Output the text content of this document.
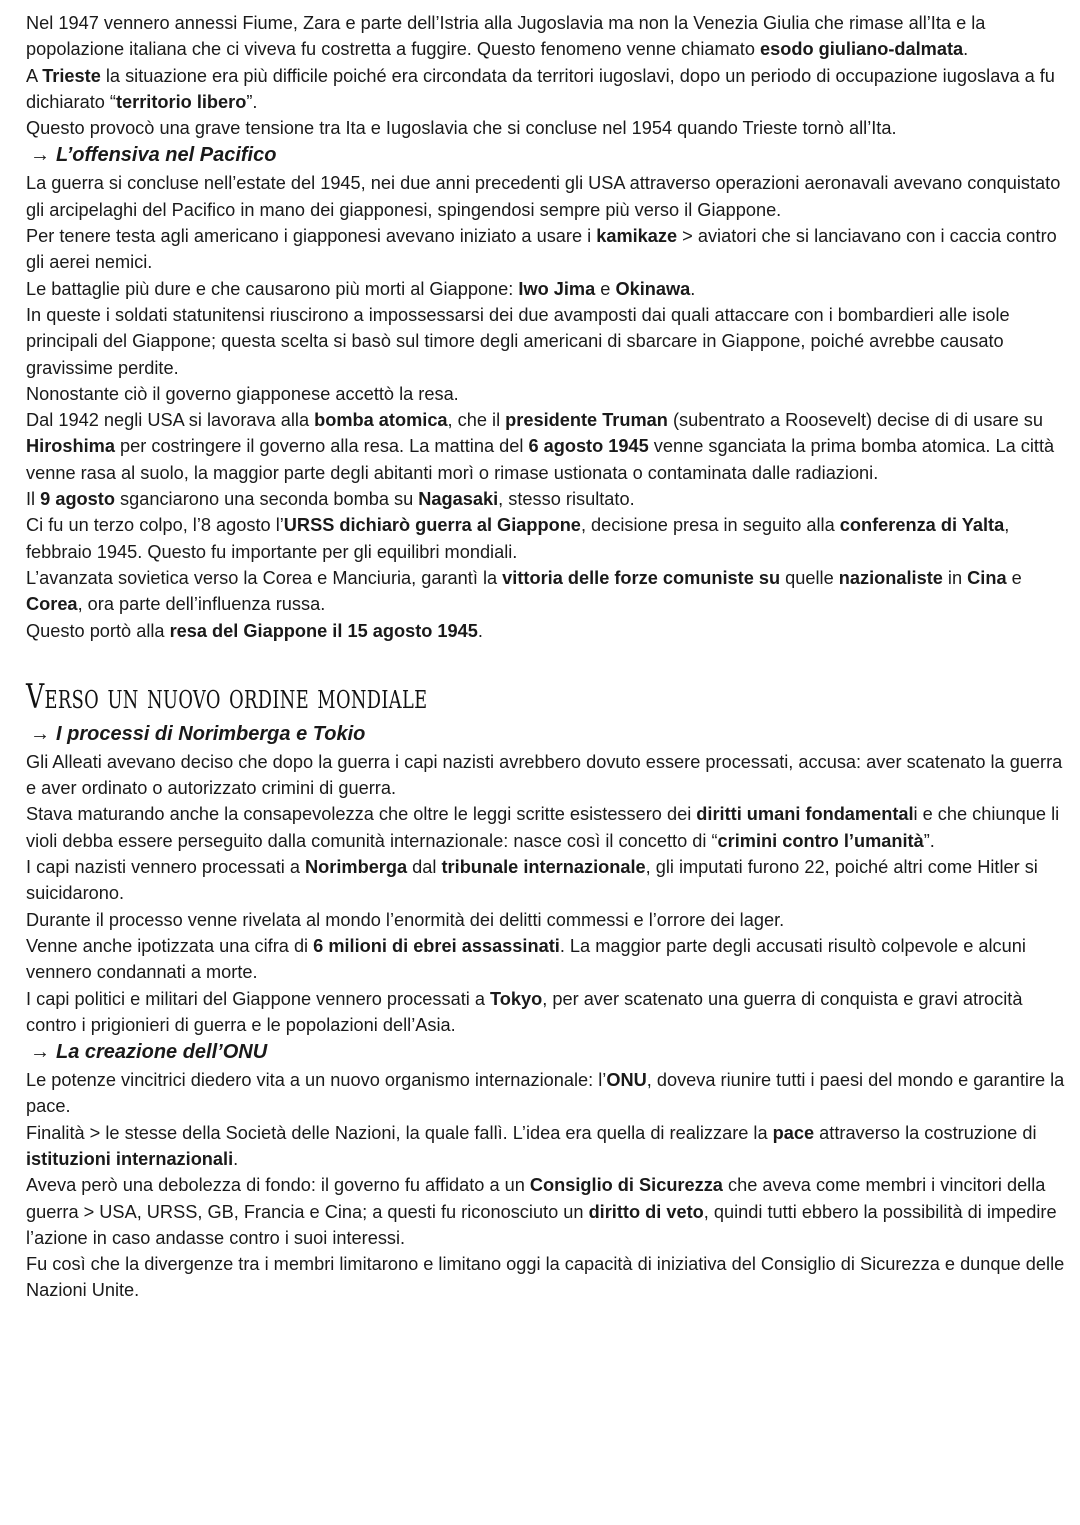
Nel 1947 vennero annessi Fiume, Zara e parte dell’Istria alla Jugoslavia ma non la Venezia Giulia che rimase all’Ita e la popolazione italiana che ci viveva fu costretta a fuggire. Questo fenomeno venne chiamato esodo giuliano-dalmata.

A Trieste la situazione era più difficile poiché era circondata da territori iugoslavi, dopo un periodo di occupazione iugoslava a fu dichiarato “territorio libero”.

Questo provocò una grave tensione tra Ita e Iugoslavia che si concluse nel 1954 quando Trieste tornò all’Ita.

→ L’offensiva nel Pacifico

La guerra si concluse nell’estate del 1945, nei due anni precedenti gli USA attraverso operazioni aeronavali avevano conquistato gli arcipelaghi del Pacifico in mano dei giapponesi, spingendosi sempre più verso il Giappone.

Per tenere testa agli americano i giapponesi avevano iniziato a usare i kamikaze > aviatori che si lanciavano con i caccia contro gli aerei nemici.

Le battaglie più dure e che causarono più morti al Giappone: Iwo Jima e Okinawa.

In queste i soldati statunitensi riuscirono a impossessarsi dei due avamposti dai quali attaccare con i bombardieri alle isole principali del Giappone; questa scelta si basò sul timore degli americani di sbarcare in Giappone, poiché avrebbe causato gravissime perdite.

Nonostante ciò il governo giapponese accettò la resa.

Dal 1942 negli USA si lavorava alla bomba atomica, che il presidente Truman (subentrato a Roosevelt) decise di di usare su Hiroshima per costringere il governo alla resa. La mattina del 6 agosto 1945 venne sganciata la prima bomba atomica. La città venne rasa al suolo, la maggior parte degli abitanti morì o rimase ustionata o contaminata dalle radiazioni.

Il 9 agosto sganciarono una seconda bomba su Nagasaki, stesso risultato.

Ci fu un terzo colpo, l’8 agosto l’URSS dichiarò guerra al Giappone, decisione presa in seguito alla conferenza di Yalta, febbraio 1945. Questo fu importante per gli equilibri mondiali.

L’avanzata sovietica verso la Corea e Manciuria, garantì la vittoria delle forze comuniste su quelle nazionaliste in Cina e Corea, ora parte dell’influenza russa.

Questo portò alla resa del Giappone il 15 agosto 1945.

Verso un nuovo ordine mondiale
→ I processi di Norimberga e Tokio

Gli Alleati avevano deciso che dopo la guerra i capi nazisti avrebbero dovuto essere processati, accusa: aver scatenato la guerra e aver ordinato o autorizzato crimini di guerra.

Stava maturando anche la consapevolezza che oltre le leggi scritte esistessero dei diritti umani fondamentali e che chiunque li violi debba essere perseguito dalla comunità internazionale: nasce così il concetto di “crimini contro l’umanità”.

I capi nazisti vennero processati a Norimberga dal tribunale internazionale, gli imputati furono 22, poiché altri come Hitler si suicidarono.

Durante il processo venne rivelata al mondo l’enormità dei delitti commessi e l’orrore dei lager.

Venne anche ipotizzata una cifra di 6 milioni di ebrei assassinati. La maggior parte degli accusati risultò colpevole e alcuni vennero condannati a morte.

I capi politici e militari del Giappone vennero processati a Tokyo, per aver scatenato una guerra di conquista e gravi atrocità contro i prigionieri di guerra e le popolazioni dell’Asia.

→ La creazione dell’ONU

Le potenze vincitrici diedero vita a un nuovo organismo internazionale: l’ONU, doveva riunire tutti i paesi del mondo e garantire la pace.

Finalità > le stesse della Società delle Nazioni, la quale fallì. L’idea era quella di realizzare la pace attraverso la costruzione di istituzioni internazionali.

Aveva però una debolezza di fondo: il governo fu affidato a un Consiglio di Sicurezza che aveva come membri i vincitori della guerra > USA, URSS, GB, Francia e Cina; a questi fu riconosciuto un diritto di veto, quindi tutti ebbero la possibilità di impedire l’azione in caso andasse contro i suoi interessi.

Fu così che la divergenze tra i membri limitarono e limitano oggi la capacità di iniziativa del Consiglio di Sicurezza e dunque delle Nazioni Unite.
